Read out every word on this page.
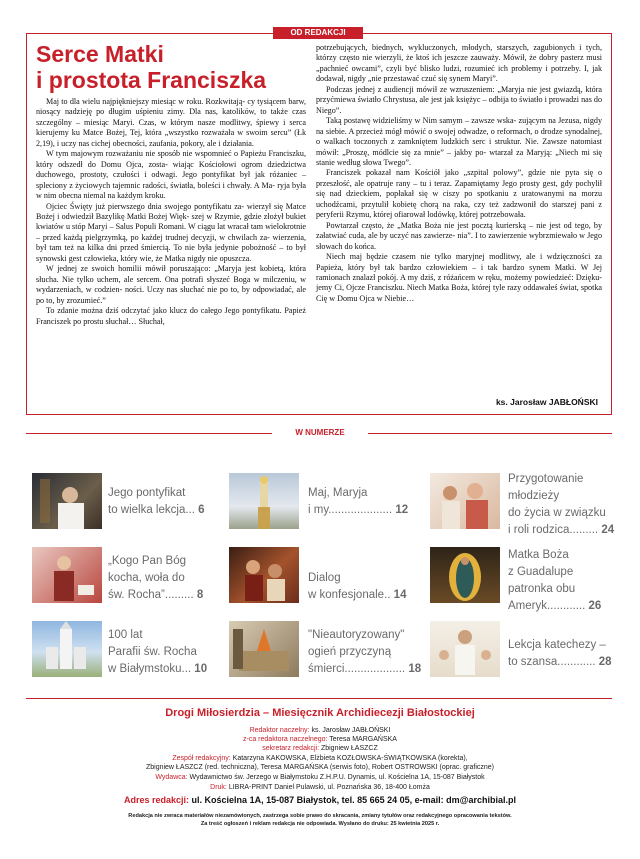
OD REDAKCJI
Serce Matki
i prostota Franciszka

Maj to dla wielu najpiękniejszy miesiąc w roku. Rozkwitają- cy tysiącem barw, niosący nadzieję po długim uśpieniu zimy. Dla nas, katolików, to także czas szczególny – miesiąc Maryi. Czas, w którym nasze modlitwy, śpiewy i serca kierujemy ku Matce Bożej, Tej, która „wszystko rozważała w swoim sercu” (Łk 2,19), i uczy nas cichej obecności, zaufania, pokory, ale i działania.

W tym majowym rozważaniu nie sposób nie wspomnieć o Papieżu Franciszku, który odszedł do Domu Ojca, zosta- wiając Kościołowi ogrom dziedzictwa duchowego, prostoty, czułości i odwagi. Jego pontyfikat był jak różaniec – spleciony z życiowych tajemnic radości, światła, boleści i chwały. A Ma- ryja była w nim obecna niemal na każdym kroku.

Ojciec Święty już pierwszego dnia swojego pontyfikatu za- wierzył się Matce Bożej i odwiedził Bazylikę Matki Bożej Więk- szej w Rzymie, gdzie złożył bukiet kwiatów u stóp Maryi – Salus Populi Romani. W ciągu lat wracał tam wielokrotnie – przed każdą pielgrzymką, po każdej trudnej decyzji, w chwilach za- wierzenia, był tam też na kilka dni przed śmiercią. To nie była jedynie pobożność – to był synowski gest człowieka, który wie, że Matka nigdy nie opuszcza.

W jednej ze swoich homilii mówił poruszająco: „Maryja jest kobietą, która słucha. Nie tylko uchem, ale sercem. Ona potrafi słyszeć Boga w milczeniu, w wydarzeniach, w codzien- ności. Uczy nas słuchać nie po to, by odpowiadać, ale po to, by zrozumieć.”

To zdanie można dziś odczytać jako klucz do całego Jego pontyfikatu. Papież Franciszek po prostu słuchał… Słuchał,

potrzebujących, biednych, wykluczonych, młodych, starszych, zagubionych i tych, którzy często nie wierzyli, że ktoś ich jeszcze zauważy. Mówił, że dobry pasterz musi „pachnieć owcami”, czyli być blisko ludzi, rozumieć ich problemy i potrzeby. I, jak dodawał, nigdy „nie przestawać czuć się synem Maryi”.

Podczas jednej z audiencji mówił ze wzruszeniem: „Maryja nie jest gwiazdą, która przyćmiewa światło Chrystusa, ale jest jak księżyc – odbija to światło i prowadzi nas do Niego”.

Taką postawę widzieliśmy w Nim samym – zawsze wska- zującym na Jezusa, nigdy na siebie. A przecież mógł mówić o swojej odwadze, o reformach, o drodze synodalnej, o walkach toczonych z zamkniętem ludzkich serc i struktur. Nie. Zawsze natomiast mówił: „Proszę, módlcie się za mnie” – jakby po- wtarzał za Maryją: „Niech mi się stanie według słowa Twego”.

Franciszek pokazał nam Kościół jako „szpital polowy”, gdzie nie pyta się o przeszłość, ale opatruje rany – tu i teraz. Zapamiętamy Jego prosty gest, gdy pochylił się nad dzieckiem, popłakał się w ciszy po spotkaniu z uratowanymi na morzu uchodźcami, przytulił kobietę chorą na raka, czy też zadzwonił do starszej pani z peryferii Rzymu, której ofiarował lodówkę, której potrzebowała.

Powtarzał często, że „Matka Boża nie jest pocztą kurierską – nie jest od tego, by załatwiać cuda, ale by uczyć nas zawierze- nia”. I to zawierzenie wybrzmiewało w Jego słowach do końca.

Niech maj będzie czasem nie tylko maryjnej modlitwy, ale i wdzięczności za Papieża, który był tak bardzo człowiekiem – i tak bardzo synem Matki. W Jej ramionach znalazł pokój. A my dziś, z różańcem w ręku, możemy powiedzieć: Dzięku- jemy Ci, Ojcze Franciszku. Niech Matka Boża, której tyle razy oddawałeś świat, spotka Cię w Domu Ojca w Niebie…

ks. Jarosław JABŁOŃSKI
W NUMERZE
Jego pontyfikat
to wielka lekcja... 6
Maj, Maryja
i my.................... 12
Przygotowanie
młodzieży
do życia w związku
i roli rodzica......... 24
„Kogo Pan Bóg
kocha, woła do
św. Rocha”......... 8
Dialog
w konfesjonale.. 14
Matka Boża
z Guadalupe
patronka obu
Ameryk............ 26
100 lat
Parafii św. Rocha
w Białymstoku... 10
"Nieautoryzowany"
ogień przyczyną
śmierci................... 18
Lekcja katechezy –
to szansa............ 28
Drogi Miłosierdzia – Miesięcznik Archidiecezji Białostockiej
Redaktor naczelny: ks. Jarosław JABŁOŃSKI
z-ca redaktora naczelnego: Teresa MARGAŃSKA
sekretarz redakcji: Zbigniew ŁASZCZ
Zespół redakcyjny: Katarzyna KAKOWSKA, Elżbieta KOZŁOWSKA-ŚWIĄTKOWSKA (korekta),
Zbigniew ŁASZCZ (red. techniczna), Teresa MARGAŃSKA (serwis foto), Robert OSTROWSKI (oprac. graficzne)
Wydawca: Wydawnictwo św. Jerzego w Białymstoku Z.H.P.U. Dynamis, ul. Kościelna 1A, 15-087 Białystok
Druk: LIBRA-PRINT Daniel Pulawski, ul. Poznańska 36, 18-400 Łomża
Adres redakcji: ul. Kościelna 1A, 15-087 Białystok, tel. 85 665 24 05, e-mail: dm@archibial.pl
Redakcja nie zwraca materiałów niezamówionych, zastrzega sobie prawo do skracania, zmiany tytułów oraz redakcyjnego opracowania tekstów.
Za treść ogłoszeń i reklam redakcja nie odpowiada. Wysłano do druku: 25 kwietnia 2025 r.
